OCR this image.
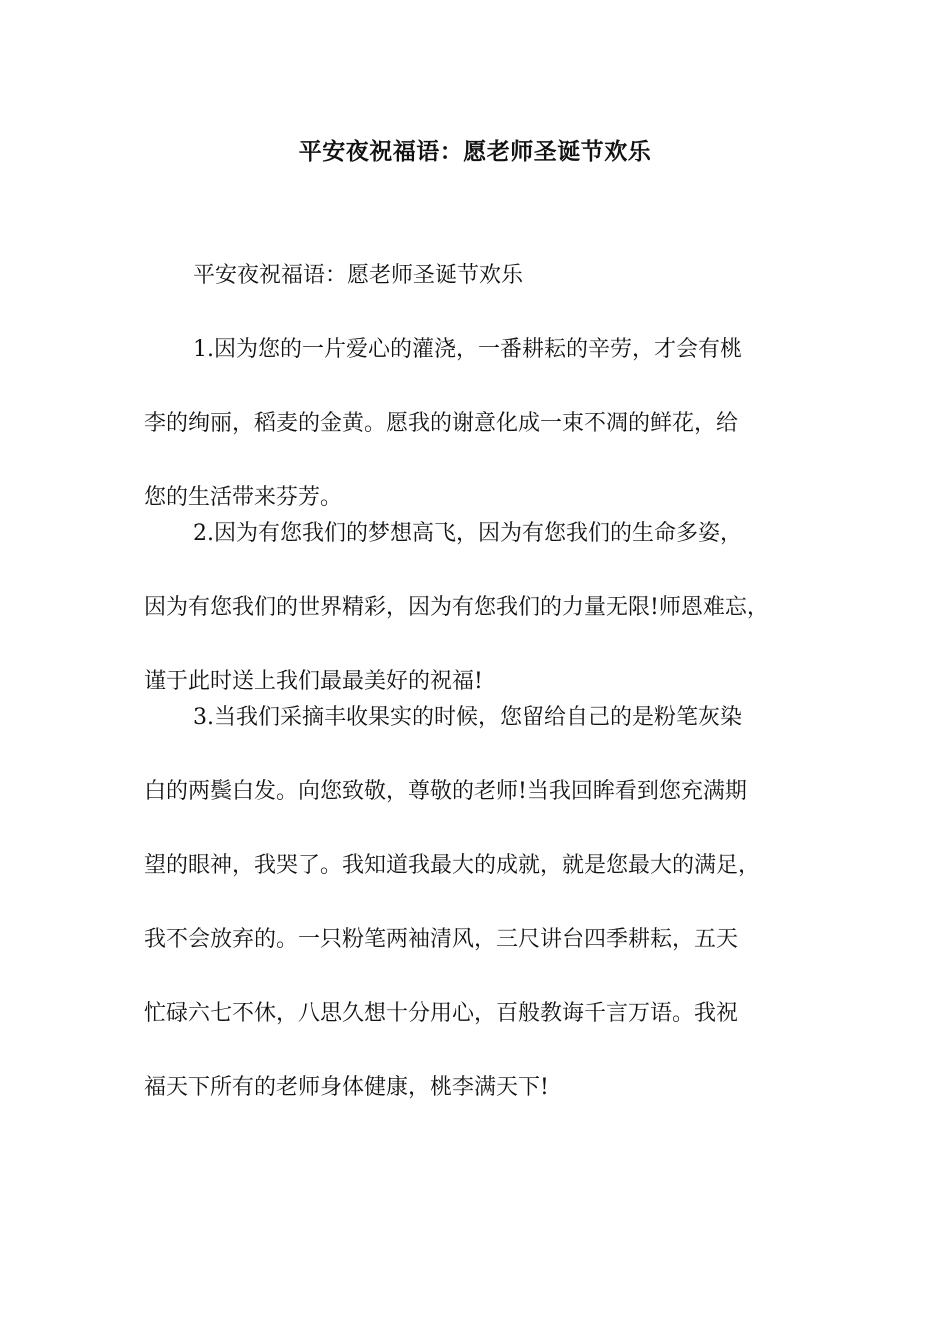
平安夜祝福语：愿老师圣诞节欢乐
平安夜祝福语：愿老师圣诞节欢乐
1.因为您的一片爱心的灌浇，一番耕耘的辛劳，才会有桃
李的绚丽，稻麦的金黄。愿我的谢意化成一束不凋的鲜花，给
您的生活带来芬芳。
2.因为有您我们的梦想高飞，因为有您我们的生命多姿，
因为有您我们的世界精彩，因为有您我们的力量无限!师恩难忘，
谨于此时送上我们最最美好的祝福!
3.当我们采摘丰收果实的时候，您留给自己的是粉笔灰染
白的两鬓白发。向您致敬，尊敬的老师!当我回眸看到您充满期
望的眼神，我哭了。我知道我最大的成就，就是您最大的满足，
我不会放弃的。一只粉笔两袖清风，三尺讲台四季耕耘，五天
忙碌六七不休，八思久想十分用心，百般教诲千言万语。我祝
福天下所有的老师身体健康，桃李满天下!
